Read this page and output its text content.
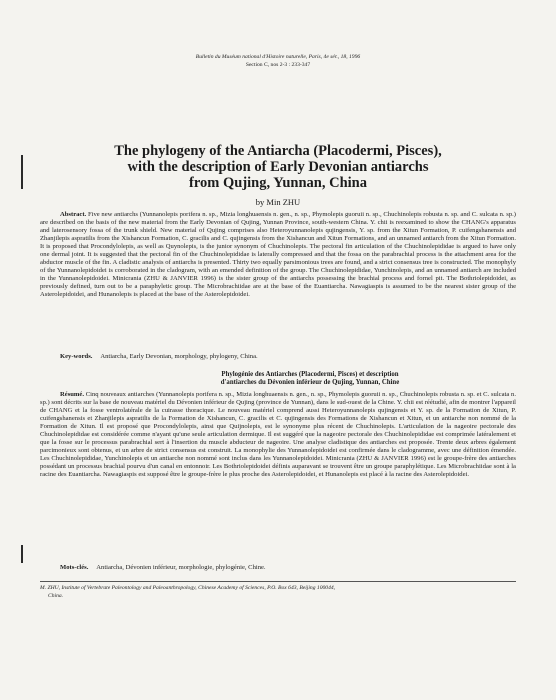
Bulletin du Muséum national d'Histoire naturelle, Paris, 4e sér., 18, 1996
Section C, nos 2-3 : 233-347
The phylogeny of the Antiarcha (Placodermi, Pisces),
with the description of Early Devonian antiarchs
from Qujing, Yunnan, China
by Min ZHU
Abstract. Five new antiarchs (Yunnanolepis porifera n. sp., Mizia longhuaensis n. gen., n. sp., Phymolepis guoruii n. sp., Chuchinolepis robusta n. sp. and C. sulcata n. sp.) are described on the basis of the new material from the Early Devonian of Qujing, Yunnan Province, south-western China. Y. chii is reexamined to show the CHANG's apparatus and laterosensory fossa of the trunk shield. New material of Qujing comprises also Heteroyunnanolepis qujingensis, Y. sp. from the Xitun Formation, P. cuifengshanensis and Zhanjilepis aspratilis from the Xishancun Formation, C. gracilis and C. qujingensis from the Xishancun and Xitun Formations, and an unnamed antiarch from the Xitun Formation. It is proposed that Procondylolepis, as well as Quynolepis, is the junior synonym of Chuchinolepis. The pectoral fin articulation of the Chuchinolepididae is argued to have only one dermal joint. It is suggested that the pectoral fin of the Chuchinolepididae is laterally compressed and that the fossa on the parabrachial process is the attachment area for the abductor muscle of the fin. A cladistic analysis of antiarchs is presented. Thirty two equally parsimonious trees are found, and a strict consensus tree is constructed. The monophyly of the Yunnanolepidoidei is corroborated in the cladogram, with an emended definition of the group. The Chuchinolepididae, Yunchinolepis, and an unnamed antiarch are included in the Yunnanolepidoidei. Minicrania (ZHU & JANVIER 1996) is the sister group of the antiarchs possessing the brachial process and fornel pit. The Bothriolepidoidei, as previously defined, turn out to be a paraphyletic group. The Microbrachiidae are at the base of the Euantiarcha. Nawagiaspis is assumed to be the nearest sister group of the Asterolepidoidei, and Hunanolepis is placed at the base of the Asterolepidoidei.
Key-words. Antiarcha, Early Devonian, morphology, phylogeny, China.
Phylogénie des Antiarches (Placodermi, Pisces) et description
d'antiarches du Dévonien inférieur de Qujing, Yunnan, Chine
Résumé. Cinq nouveaux antiarches (Yunnanolepis porifera n. sp., Mizia longhuaensis n. gen., n. sp., Phymolepis guoruii n. sp., Chuchinolepis robusta n. sp. et C. sulcata n. sp.) sont décrits sur la base de nouveau matériel du Dévonien inférieur de Qujing (province de Yunnan), dans le sud-ouest de la Chine. Y. chii est réétudié, afin de montrer l'appareil de CHANG et la fosse ventrolatérale de la cuirasse thoracique. Le nouveau matériel comprend aussi Heteroyunnanolepis qujingensis et Y. sp. de la Formation de Xitun, P. cuifengshanensis et Zhanjilepis aspratilis de la Formation de Xishancun, C. gracilis et C. qujingensis des Formations de Xishancun et Xitun, et un antiarche non nommé de la Formation de Xitun. Il est proposé que Procondylolepis, ainsi que Quijnolepis, est le synonyme plus récent de Chuchinolepis. L'articulation de la nageoire pectorale des Chuchinolepididae est considérée comme n'ayant qu'une seule articulation dermique. Il est suggéré que la nageoire pectorale des Chuchinolepididae est comprimée latéralement et que la fosse sur le processus parabrachial sert à l'insertion du muscle abducteur de nageoire. Une analyse cladistique des antiarches est proposée. Trente deux arbres également parcimonieux sont obtenus, et un arbre de strict consensus est construit. La monophylie des Yunnanolepidoidei est confirmée dans le cladogramme, avec une définition émendée. Les Chuchinolepididae, Yunchinolepis et un antiarche non nommé sont inclus dans les Yunnanolepidoidei. Minicrania (ZHU & JANVIER 1996) est le groupe-frère des antiarches possédant un processus brachial pourvu d'un canal en entonnoir. Les Bothriolepidoidei définis auparavant se trouvent être un groupe paraphylétique. Les Microbrachiidae sont à la racine des Euantiarcha. Nawagiaspis est supposé être le groupe-frère le plus proche des Asterolepidoidei, et Hunanolepis est placé à la racine des Asterolepidoidei.
Mots-clés. Antiarcha, Dévonien inférieur, morphologie, phylogénie, Chine.
M. ZHU, Institute of Vertebrate Paleontology and Paleoanthropology, Chinese Academy of Sciences, P.O. Box 643, Beijing 100044,
China.
